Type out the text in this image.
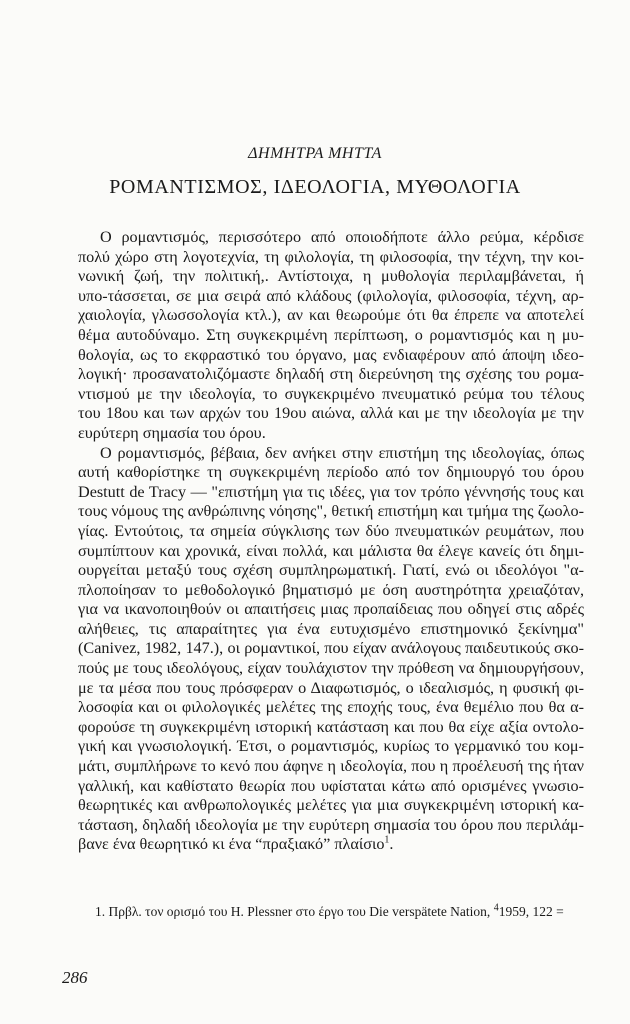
ΔΗΜΗΤΡΑ ΜΗΤΤΑ
ΡΟΜΑΝΤΙΣΜΟΣ, ΙΔΕΟΛΟΓΙΑ, ΜΥΘΟΛΟΓΙΑ
Ο ρομαντισμός, περισσότερο από οποιοδήποτε άλλο ρεύμα, κέρδισε
πολύ χώρο στη λογοτεχνία, τη φιλολογία, τη φιλοσοφία, την τέχνη, την κοι-
νωνική ζωή, την πολιτική,. Αντίστοιχα, η μυθολογία περιλαμβάνεται, ή
υπο-τάσσεται, σε μια σειρά από κλάδους (φιλολογία, φιλοσοφία, τέχνη, αρ-
χαιολογία, γλωσσολογία κτλ.), αν και θεωρούμε ότι θα έπρεπε να αποτελεί
θέμα αυτοδύναμο. Στη συγκεκριμένη περίπτωση, ο ρομαντισμός και η μυ-
θολογία, ως το εκφραστικό του όργανο, μας ενδιαφέρουν από άποψη ιδεο-
λογική· προσανατολιζόμαστε δηλαδή στη διερεύνηση της σχέσης του ρομα-
ντισμού με την ιδεολογία, το συγκεκριμένο πνευματικό ρεύμα του τέλους
του 18ου και των αρχών του 19ου αιώνα, αλλά και με την ιδεολογία με την
ευρύτερη σημασία του όρου.
Ο ρομαντισμός, βέβαια, δεν ανήκει στην επιστήμη της ιδεολογίας, όπως
αυτή καθορίστηκε τη συγκεκριμένη περίοδο από τον δημιουργό του όρου
Destutt de Tracy — "επιστήμη για τις ιδέες, για τον τρόπο γέννησής τους και
τους νόμους της ανθρώπινης νόησης", θετική επιστήμη και τμήμα της ζωολο-
γίας. Εντούτοις, τα σημεία σύγκλισης των δύο πνευματικών ρευμάτων, που
συμπίπτουν και χρονικά, είναι πολλά, και μάλιστα θα έλεγε κανείς ότι δημι-
ουργείται μεταξύ τους σχέση συμπληρωματική. Γιατί, ενώ οι ιδεολόγοι "α-
πλοποίησαν το μεθοδολογικό βηματισμό με όση αυστηρότητα χρειαζόταν,
για να ικανοποιηθούν οι απαιτήσεις μιας προπαίδειας που οδηγεί στις αδρές
αλήθειες, τις απαραίτητες για ένα ευτυχισμένο επιστημονικό ξεκίνημα"
(Canivez, 1982, 147.), οι ρομαντικοί, που είχαν ανάλογους παιδευτικούς σκο-
πούς με τους ιδεολόγους, είχαν τουλάχιστον την πρόθεση να δημιουργήσουν,
με τα μέσα που τους πρόσφεραν ο Διαφωτισμός, ο ιδεαλισμός, η φυσική φι-
λοσοφία και οι φιλολογικές μελέτες της εποχής τους, ένα θεμέλιο που θα α-
φορούσε τη συγκεκριμένη ιστορική κατάσταση και που θα είχε αξία οντολο-
γική και γνωσιολογική. Έτσι, ο ρομαντισμός, κυρίως το γερμανικό του κομ-
μάτι, συμπλήρωνε το κενό που άφηνε η ιδεολογία, που η προέλευσή της ήταν
γαλλική, και καθίστατο θεωρία που υφίσταται κάτω από ορισμένες γνωσιο-
θεωρητικές και ανθρωπολογικές μελέτες για μια συγκεκριμένη ιστορική κα-
τάσταση, δηλαδή ιδεολογία με την ευρύτερη σημασία του όρου που περιλάμ-
βανε ένα θεωρητικό κι ένα “πραξιακό” πλαίσιο$^1$.
1. Πρβλ. τον ορισμό του H. Plessner στο έργο του Die verspätete Nation, $^4$1959, 122 =
286
